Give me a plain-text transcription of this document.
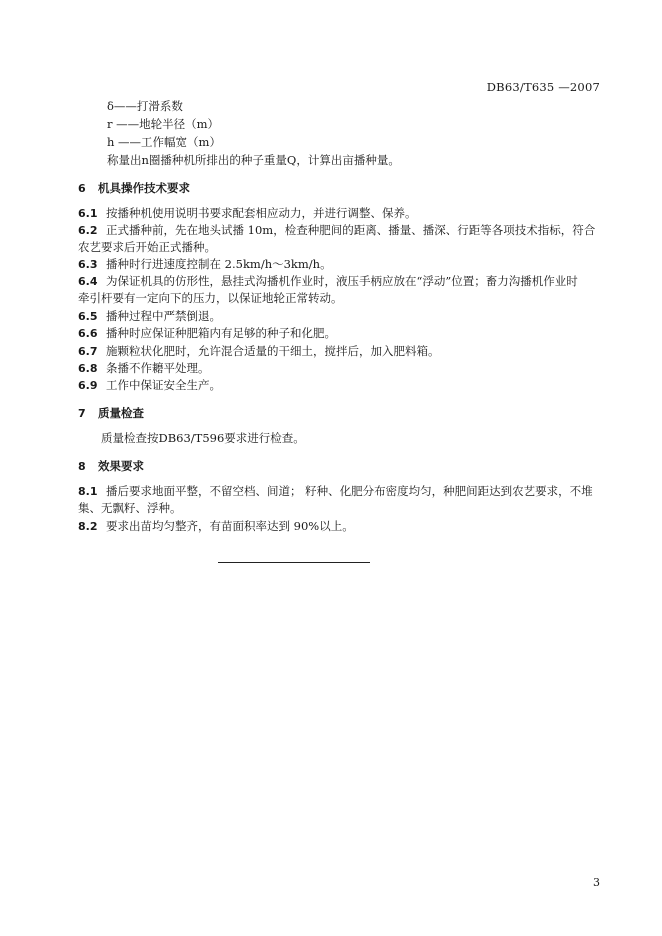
DB63/T635 —2007
δ——打滑系数
r ——地轮半径（m）
h ——工作幅宽（m）
称量出n圈播种机所排出的种子重量Q，计算出亩播种量。
6 机具操作技术要求
6.1 按播种机使用说明书要求配套相应动力，并进行调整、保养。
6.2 正式播种前，先在地头试播 10m，检查种肥间的距离、播量、播深、行距等各项技术指标，符合
农艺要求后开始正式播种。
6.3 播种时行进速度控制在 2.5km/h～3km/h。
6.4 为保证机具的仿形性，悬挂式沟播机作业时，液压手柄应放在“浮动”位置；畜力沟播机作业时
牵引杆要有一定向下的压力，以保证地轮正常转动。
6.5 播种过程中严禁倒退。
6.6 播种时应保证种肥箱内有足够的种子和化肥。
6.7 施颗粒状化肥时，允许混合适量的干细土，搅拌后，加入肥料箱。
6.8 条播不作耱平处理。
6.9 工作中保证安全生产。
7 质量检查
质量检查按DB63/T596要求进行检查。
8 效果要求
8.1 播后要求地面平整，不留空档、间道； 籽种、化肥分布密度均匀，种肥间距达到农艺要求，不堆
集、无飘籽、浮种。
8.2 要求出苗均匀整齐，有苗面积率达到 90%以上。
3
